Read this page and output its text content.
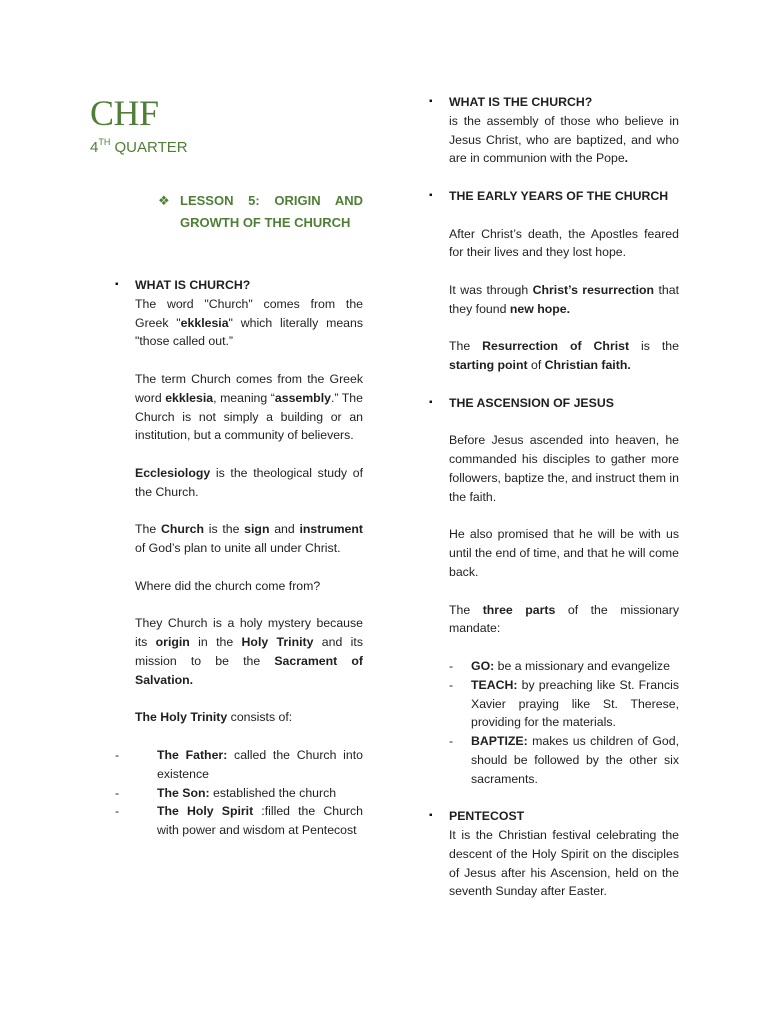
CHF
4TH QUARTER
❖ LESSON 5: ORIGIN AND GROWTH OF THE CHURCH
▪ WHAT IS CHURCH?

The word "Church" comes from the Greek "ekklesia" which literally means "those called out.”

The term Church comes from the Greek word ekklesia, meaning “assembly.” The Church is not simply a building or an institution, but a community of believers.

Ecclesiology is the theological study of the Church.

The Church is the sign and instrument of God’s plan to unite all under Christ.

Where did the church come from?

They Church is a holy mystery because its origin in the Holy Trinity and its mission to be the Sacrament of Salvation.

The Holy Trinity consists of:

-	The Father: called the Church into existence
-	The Son: established the church
-	The Holy Spirit :filled the Church with power and wisdom at Pentecost
▪ WHAT IS THE CHURCH?

is the assembly of those who believe in Jesus Christ, who are baptized, and who are in communion with the Pope.

▪ THE EARLY YEARS OF THE CHURCH

After Christ’s death, the Apostles feared for their lives and they lost hope.

It was through Christ’s resurrection that they found new hope.

The Resurrection of Christ is the starting point of Christian faith.

▪ THE ASCENSION OF JESUS

Before Jesus ascended into heaven, he commanded his disciples to gather more followers, baptize the, and instruct them in the faith.

He also promised that he will be with us until the end of time, and that he will come back.

The three parts of the missionary mandate:

- GO: be a missionary and evangelize
- TEACH: by preaching like St. Francis Xavier praying like St. Therese, providing for the materials.
- BAPTIZE: makes us children of God, should be followed by the other six sacraments.
▪ PENTECOST

It is the Christian festival celebrating the descent of the Holy Spirit on the disciples of Jesus after his Ascension, held on the seventh Sunday after Easter.
